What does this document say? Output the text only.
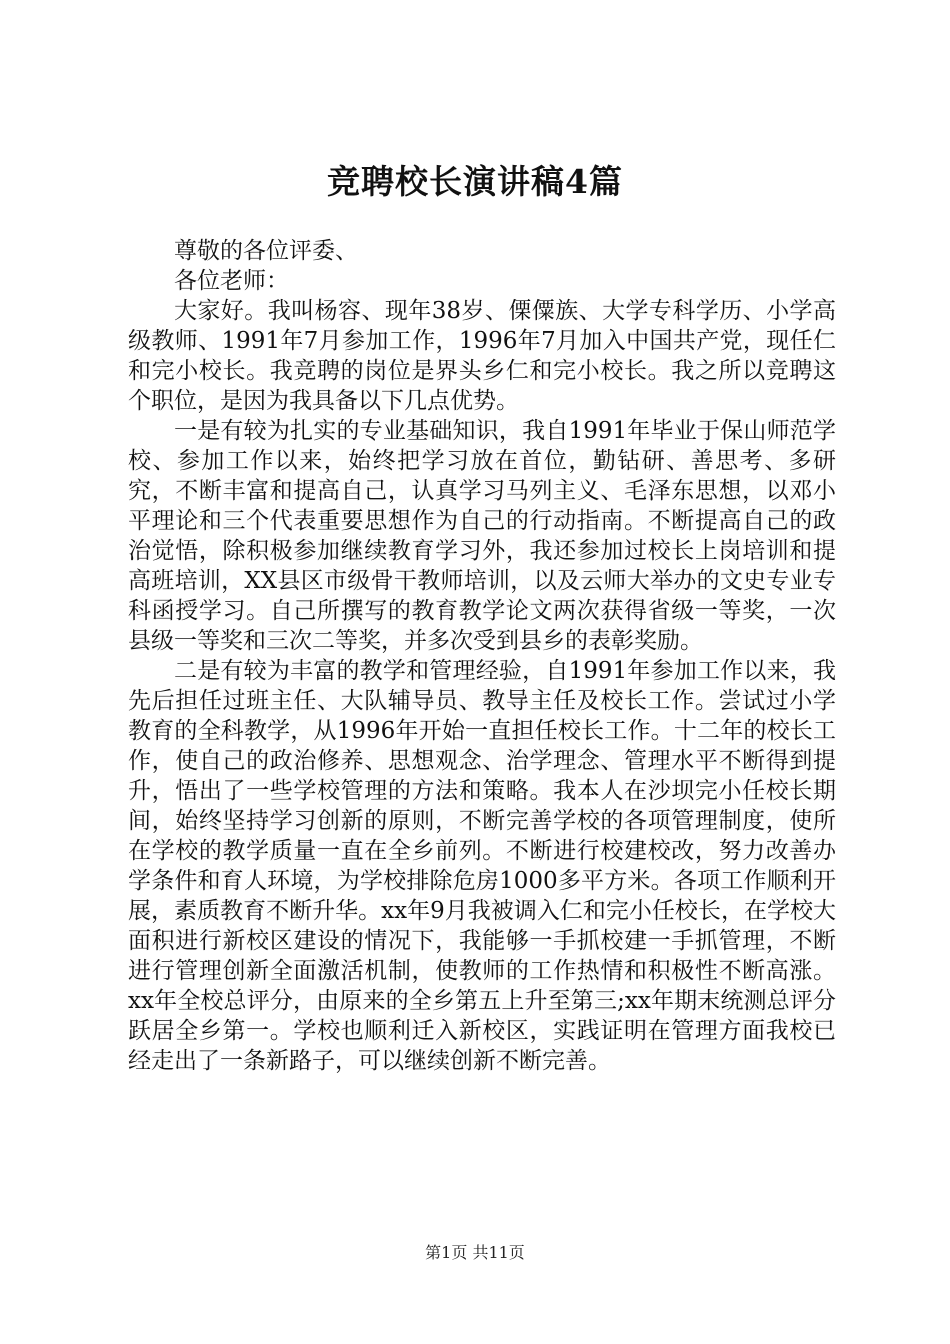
竞聘校长演讲稿4篇

尊敬的各位评委、

各位老师：

大家好。我叫杨容、现年38岁、傈僳族、大学专科学历、小学高级教师、1991年7月参加工作，1996年7月加入中国共产党，现任仁和完小校长。我竞聘的岗位是界头乡仁和完小校长。我之所以竞聘这个职位，是因为我具备以下几点优势。

一是有较为扎实的专业基础知识，我自1991年毕业于保山师范学校、参加工作以来，始终把学习放在首位，勤钻研、善思考、多研究，不断丰富和提高自己，认真学习马列主义、毛泽东思想，以邓小平理论和三个代表重要思想作为自己的行动指南。不断提高自己的政治觉悟，除积极参加继续教育学习外，我还参加过校长上岗培训和提高班培训，XX县区市级骨干教师培训，以及云师大举办的文史专业专科函授学习。自己所撰写的教育教学论文两次获得省级一等奖，一次县级一等奖和三次二等奖，并多次受到县乡的表彰奖励。

二是有较为丰富的教学和管理经验，自1991年参加工作以来，我先后担任过班主任、大队辅导员、教导主任及校长工作。尝试过小学教育的全科教学，从1996年开始一直担任校长工作。十二年的校长工作，使自己的政治修养、思想观念、治学理念、管理水平不断得到提升，悟出了一些学校管理的方法和策略。我本人在沙坝完小任校长期间，始终坚持学习创新的原则，不断完善学校的各项管理制度，使所在学校的教学质量一直在全乡前列。不断进行校建校改，努力改善办学条件和育人环境，为学校排除危房1000多平方米。各项工作顺利开展，素质教育不断升华。xx年9月我被调入仁和完小任校长，在学校大面积进行新校区建设的情况下，我能够一手抓校建一手抓管理，不断进行管理创新全面激活机制，使教师的工作热情和积极性不断高涨。xx年全校总评分，由原来的全乡第五上升至第三;xx年期末统测总评分跃居全乡第一。学校也顺利迁入新校区，实践证明在管理方面我校已经走出了一条新路子，可以继续创新不断完善。

第1页 共11页
